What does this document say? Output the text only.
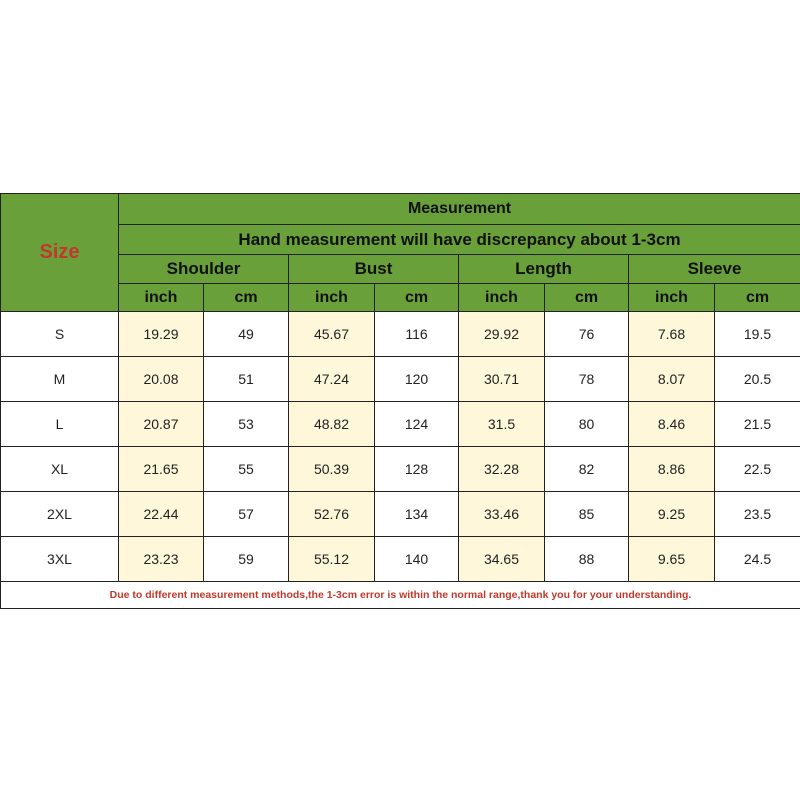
Size	Measurement							
	Hand measurement will have discrepancy about 1-3cm							
	Shoulder		Bust		Length		Sleeve	
	inch	cm	inch	cm	inch	cm	inch	cm
S	19.29	49	45.67	116	29.92	76	7.68	19.5
M	20.08	51	47.24	120	30.71	78	8.07	20.5
L	20.87	53	48.82	124	31.5	80	8.46	21.5
XL	21.65	55	50.39	128	32.28	82	8.86	22.5
2XL	22.44	57	52.76	134	33.46	85	9.25	23.5
3XL	23.23	59	55.12	140	34.65	88	9.65	24.5
Due to different measurement methods,the 1-3cm error is within the normal range,thank you for your understanding.								
